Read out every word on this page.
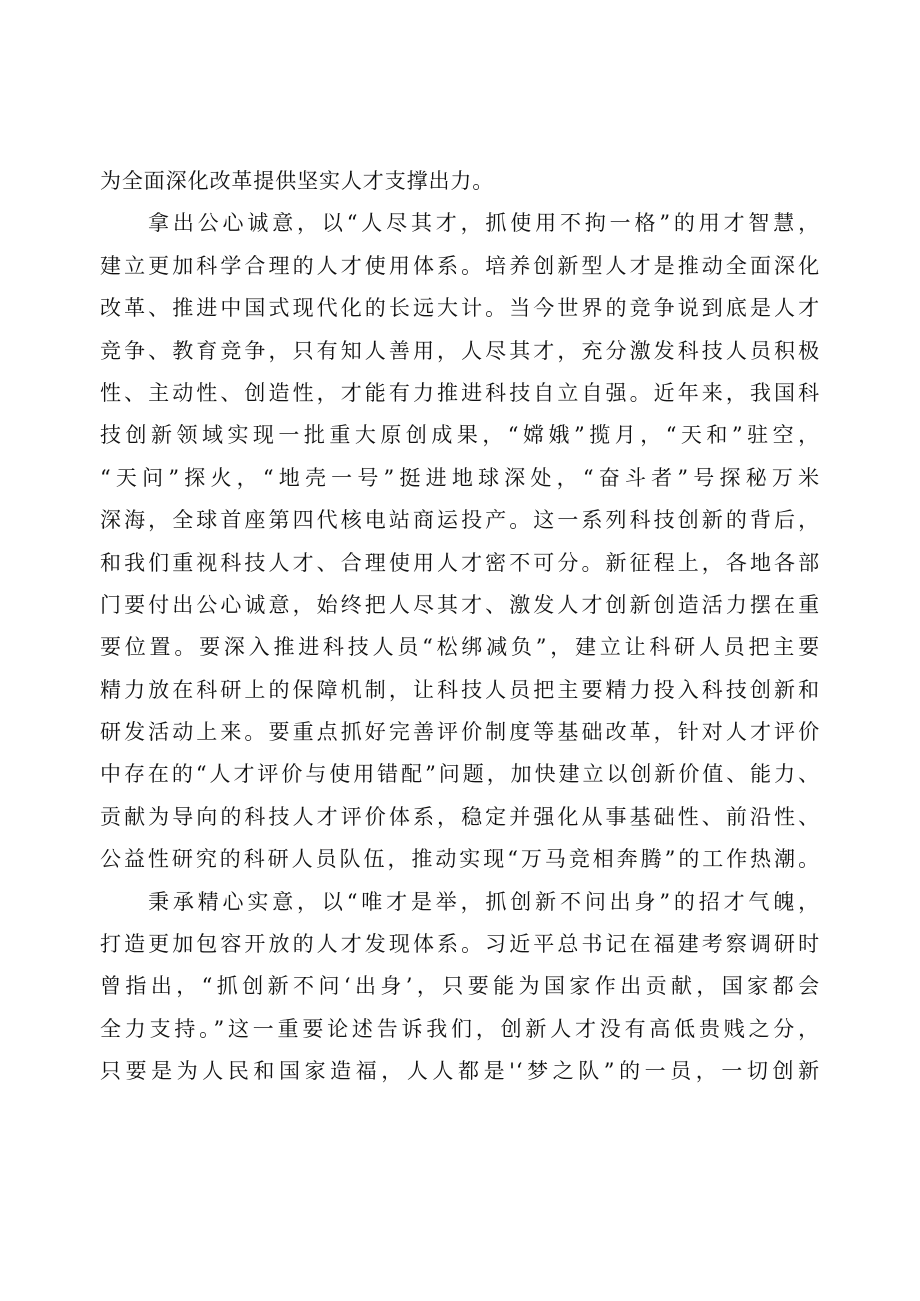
为全面深化改革提供坚实人才支撑出力。
拿出公心诚意，以“人尽其才，抓使用不拘一格”的用才智慧，
建立更加科学合理的人才使用体系。培养创新型人才是推动全面深化
改革、推进中国式现代化的长远大计。当今世界的竞争说到底是人才
竞争、教育竞争，只有知人善用，人尽其才，充分激发科技人员积极
性、主动性、创造性，才能有力推进科技自立自强。近年来，我国科
技创新领域实现一批重大原创成果，“嫦娥”揽月，“天和”驻空，
“天问”探火，“地壳一号”挺进地球深处，“奋斗者”号探秘万米
深海，全球首座第四代核电站商运投产。这一系列科技创新的背后，
和我们重视科技人才、合理使用人才密不可分。新征程上，各地各部
门要付出公心诚意，始终把人尽其才、激发人才创新创造活力摆在重
要位置。要深入推进科技人员“松绑减负”，建立让科研人员把主要
精力放在科研上的保障机制，让科技人员把主要精力投入科技创新和
研发活动上来。要重点抓好完善评价制度等基础改革，针对人才评价
中存在的“人才评价与使用错配”问题，加快建立以创新价值、能力、
贡献为导向的科技人才评价体系，稳定并强化从事基础性、前沿性、
公益性研究的科研人员队伍，推动实现“万马竞相奔腾”的工作热潮。
秉承精心实意，以“唯才是举，抓创新不问出身”的招才气魄，
打造更加包容开放的人才发现体系。习近平总书记在福建考察调研时
曾指出，“抓创新不问‘出身’，只要能为国家作出贡献，国家都会
全力支持。”这一重要论述告诉我们，创新人才没有高低贵贱之分，
只要是为人民和国家造福，人人都是'‘梦之队”的一员，一切创新
